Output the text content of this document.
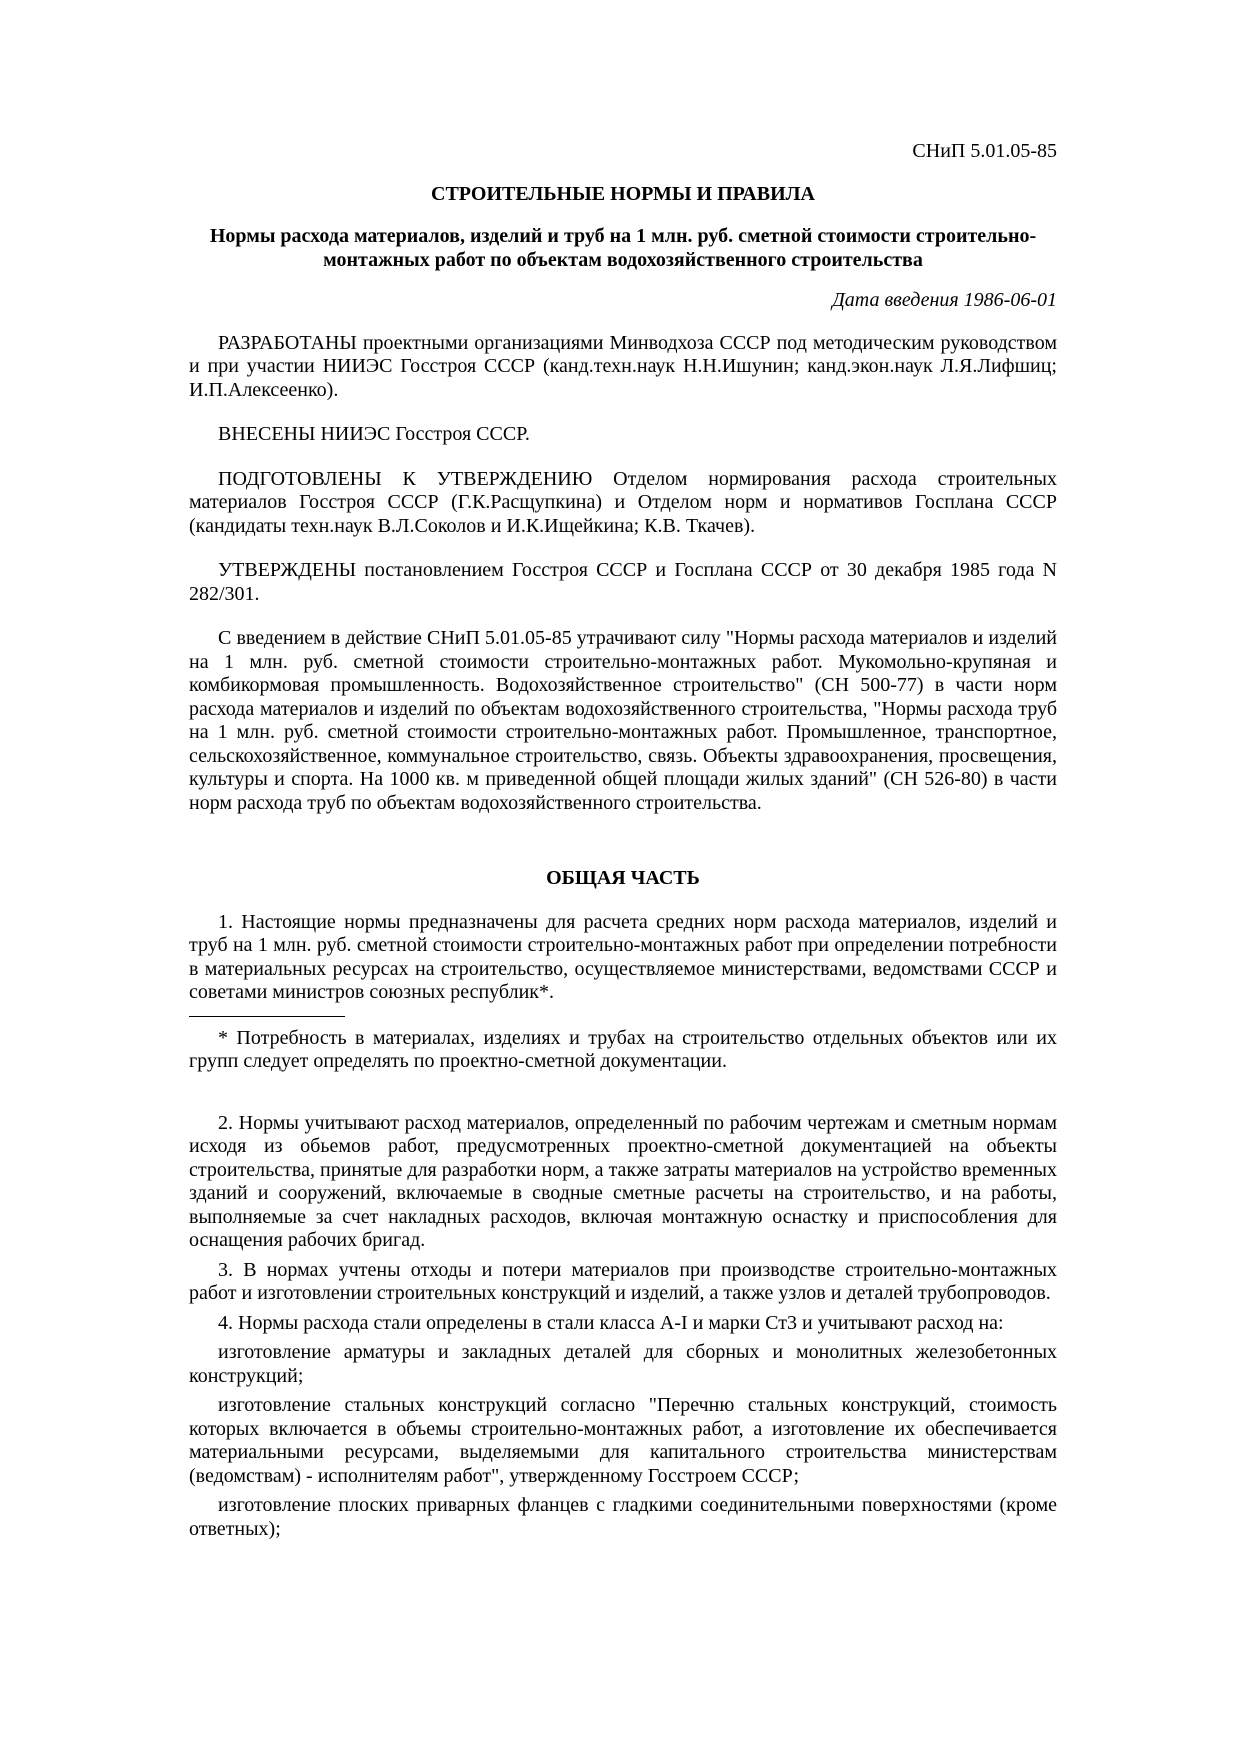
СНиП 5.01.05-85
СТРОИТЕЛЬНЫЕ НОРМЫ И ПРАВИЛА
Нормы расхода материалов, изделий и труб на 1 млн. руб. сметной стоимости строительно-монтажных работ по объектам водохозяйственного строительства
Дата введения 1986-06-01

РАЗРАБОТАНЫ проектными организациями Минводхоза СССР под методическим руководством и при участии НИИЭС Госстроя СССР (канд.техн.наук Н.Н.Ишунин; канд.экон.наук Л.Я.Лифшиц; И.П.Алексеенко).

ВНЕСЕНЫ НИИЭС Госстроя СССР.

ПОДГОТОВЛЕНЫ К УТВЕРЖДЕНИЮ Отделом нормирования расхода строительных материалов Госстроя СССР (Г.К.Расщупкина) и Отделом норм и нормативов Госплана СССР (кандидаты техн.наук В.Л.Соколов и И.К.Ищейкина; К.В. Ткачев).

УТВЕРЖДЕНЫ постановлением Госстроя СССР и Госплана СССР от 30 декабря 1985 года N 282/301.

С введением в действие СНиП 5.01.05-85 утрачивают силу "Нормы расхода материалов и изделий на 1 млн. руб. сметной стоимости строительно-монтажных работ. Мукомольно-крупяная и комбикормовая промышленность. Водохозяйственное строительство" (СН 500-77) в части норм расхода материалов и изделий по объектам водохозяйственного строительства, "Нормы расхода труб на 1 млн. руб. сметной стоимости строительно-монтажных работ. Промышленное, транспортное, сельскохозяйственное, коммунальное строительство, связь. Объекты здравоохранения, просвещения, культуры и спорта. На 1000 кв. м приведенной общей площади жилых зданий" (СН 526-80) в части норм расхода труб по объектам водохозяйственного строительства.

ОБЩАЯ ЧАСТЬ

1. Настоящие нормы предназначены для расчета средних норм расхода материалов, изделий и труб на 1 млн. руб. сметной стоимости строительно-монтажных работ при определении потребности в материальных ресурсах на строительство, осуществляемое министерствами, ведомствами СССР и советами министров союзных республик*.

* Потребность в материалах, изделиях и трубах на строительство отдельных объектов или их групп следует определять по проектно-сметной документации.

2. Нормы учитывают расход материалов, определенный по рабочим чертежам и сметным нормам исходя из обьемов работ, предусмотренных проектно-сметной документацией на объекты строительства, принятые для разработки норм, а также затраты материалов на устройство временных зданий и сооружений, включаемые в сводные сметные расчеты на строительство, и на работы, выполняемые за счет накладных расходов, включая монтажную оснастку и приспособления для оснащения рабочих бригад.

3. В нормах учтены отходы и потери материалов при производстве строительно-монтажных работ и изготовлении строительных конструкций и изделий, а также узлов и деталей трубопроводов.

4. Нормы расхода стали определены в стали класса А-I и марки Ст3 и учитывают расход на:

изготовление арматуры и закладных деталей для сборных и монолитных железобетонных конструкций;

изготовление стальных конструкций согласно "Перечню стальных конструкций, стоимость которых включается в объемы строительно-монтажных работ, а изготовление их обеспечивается материальными ресурсами, выделяемыми для капитального строительства министерствам (ведомствам) - исполнителям работ", утвержденному Госстроем СССР;

изготовление плоских приварных фланцев с гладкими соединительными поверхностями (кроме ответных);
